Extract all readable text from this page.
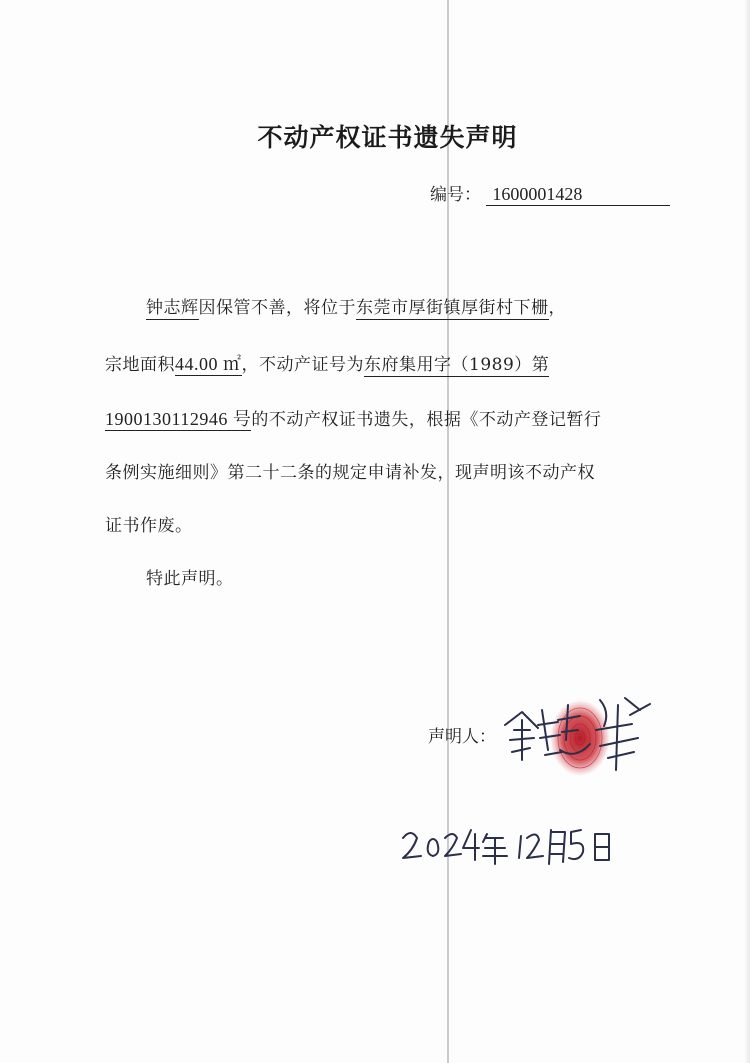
不动产权证书遗失声明
编号： 1600001428
钟志辉因保管不善，将位于东莞市厚街镇厚街村下栅，
宗地面积44.00 ㎡，不动产证号为东府集用字（1989）第
1900130112946 号的不动产权证书遗失，根据《不动产登记暂行
条例实施细则》第二十二条的规定申请补发，现声明该不动产权
证书作废。
特此声明。
声明人：
